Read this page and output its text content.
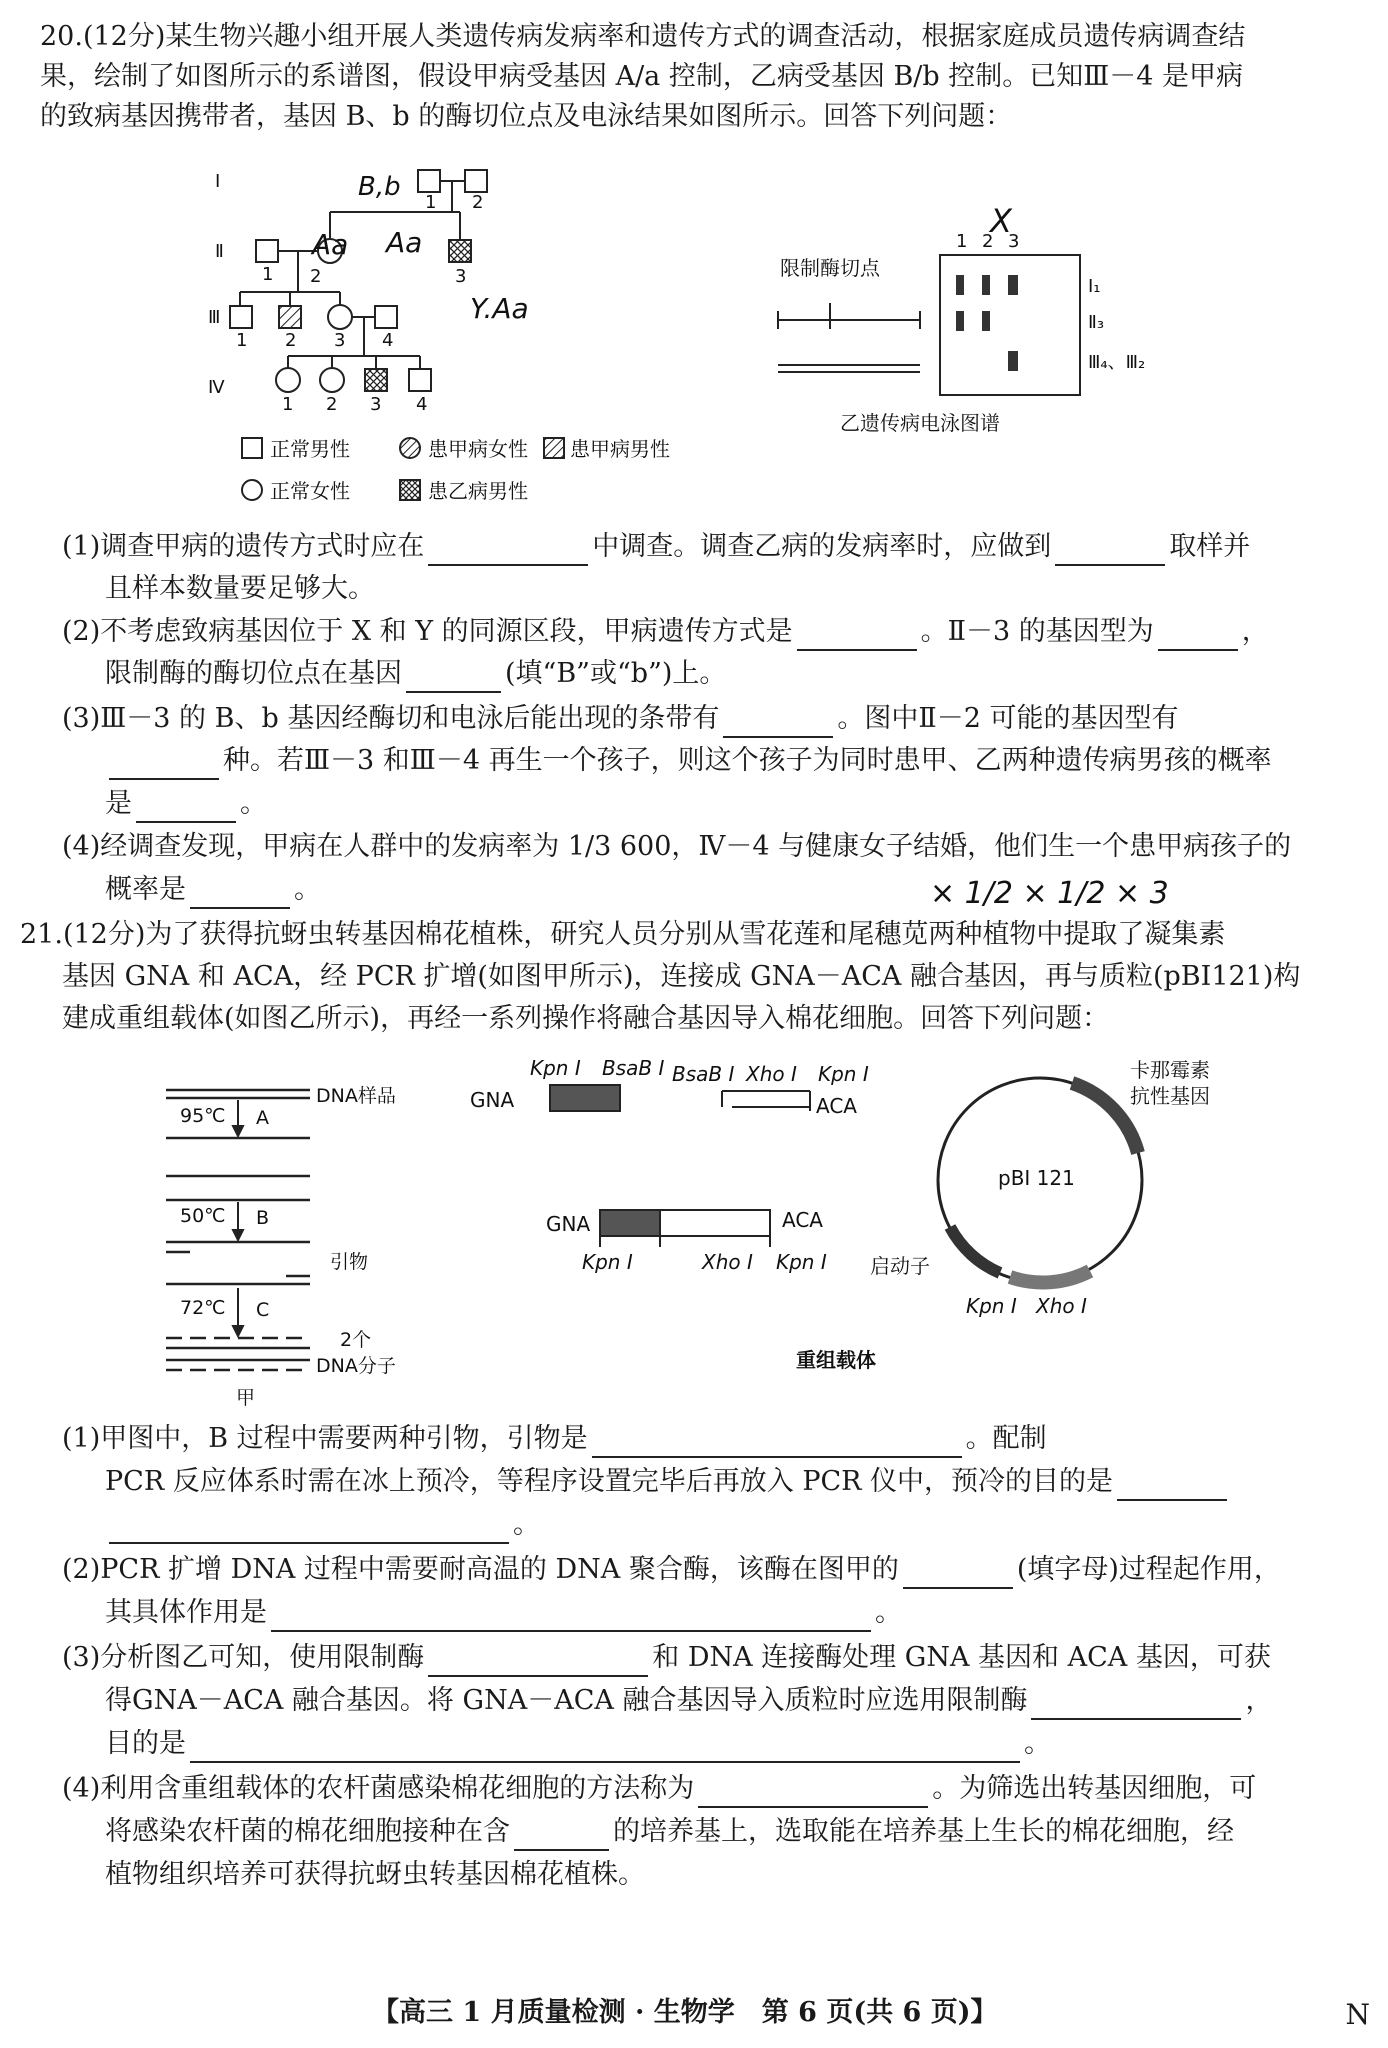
20.(12分)某生物兴趣小组开展人类遗传病发病率和遗传方式的调查活动，根据家庭成员遗传病调查结
果，绘制了如图所示的系谱图，假设甲病受基因 A/a 控制，乙病受基因 B/b 控制。已知Ⅲ－4 是甲病
的致病基因携带者，基因 B、b 的酶切位点及电泳结果如图所示。回答下列问题：
Ⅰ
Ⅱ
Ⅲ
Ⅳ
1 2
1 2	3
1 2 3 4
1 2 3 4
正常男性	患甲病女性 患甲病男性
正常女性	患乙病男性
限制酶切点
1 2 3
Ⅰ₁
Ⅱ₃
Ⅲ₄、Ⅲ₂
乙遗传病电泳图谱
(1)调查甲病的遗传方式时应在	中调查。调查乙病的发病率时，应做到	取样并
且样本数量要足够大。
(2)不考虑致病基因位于 X 和 Y 的同源区段，甲病遗传方式是	。Ⅱ－3 的基因型为	，
限制酶的酶切位点在基因	(填“B”或“b”)上。
(3)Ⅲ－3 的 B、b 基因经酶切和电泳后能出现的条带有	。图中Ⅱ－2 可能的基因型有
种。若Ⅲ－3 和Ⅲ－4 再生一个孩子，则这个孩子为同时患甲、乙两种遗传病男孩的概率
是	。
(4)经调查发现，甲病在人群中的发病率为 1/3 600，Ⅳ－4 与健康女子结婚，他们生一个患甲病孩子的
概率是	。
B,b
Aa Aa
X
Y.Aa
× 1/2 × 1/2 × 3
21.(12分)为了获得抗蚜虫转基因棉花植株，研究人员分别从雪花莲和尾穗苋两种植物中提取了凝集素
基因 GNA 和 ACA，经 PCR 扩增(如图甲所示)，连接成 GNA－ACA 融合基因，再与质粒(pBI121)构
建成重组载体(如图乙所示)，再经一系列操作将融合基因导入棉花细胞。回答下列问题：
DNA样品
95℃ A
50℃ B
引物
72℃ C
2个
DNA分子
甲
Kpn Ⅰ BsaB Ⅰ
GNA
BsaB Ⅰ Xho Ⅰ Kpn Ⅰ
ACA
GNA	ACA
Kpn Ⅰ	Xho Ⅰ Kpn Ⅰ
pBI 121
卡那霉素
抗性基因
启动子
Kpn Ⅰ Xho Ⅰ
重组载体
(1)甲图中，B 过程中需要两种引物，引物是	。配制
PCR 反应体系时需在冰上预冷，等程序设置完毕后再放入 PCR 仪中，预冷的目的是
。
(2)PCR 扩增 DNA 过程中需要耐高温的 DNA 聚合酶，该酶在图甲的	(填字母)过程起作用，
其具体作用是	。
(3)分析图乙可知，使用限制酶	和 DNA 连接酶处理 GNA 基因和 ACA 基因，可获
得GNA－ACA 融合基因。将 GNA－ACA 融合基因导入质粒时应选用限制酶	，
目的是	。
(4)利用含重组载体的农杆菌感染棉花细胞的方法称为	。为筛选出转基因细胞，可
将感染农杆菌的棉花细胞接种在含	的培养基上，选取能在培养基上生长的棉花细胞，经
植物组织培养可获得抗蚜虫转基因棉花植株。
【高三 1 月质量检测 · 生物学　第 6 页(共 6 页)】	N
